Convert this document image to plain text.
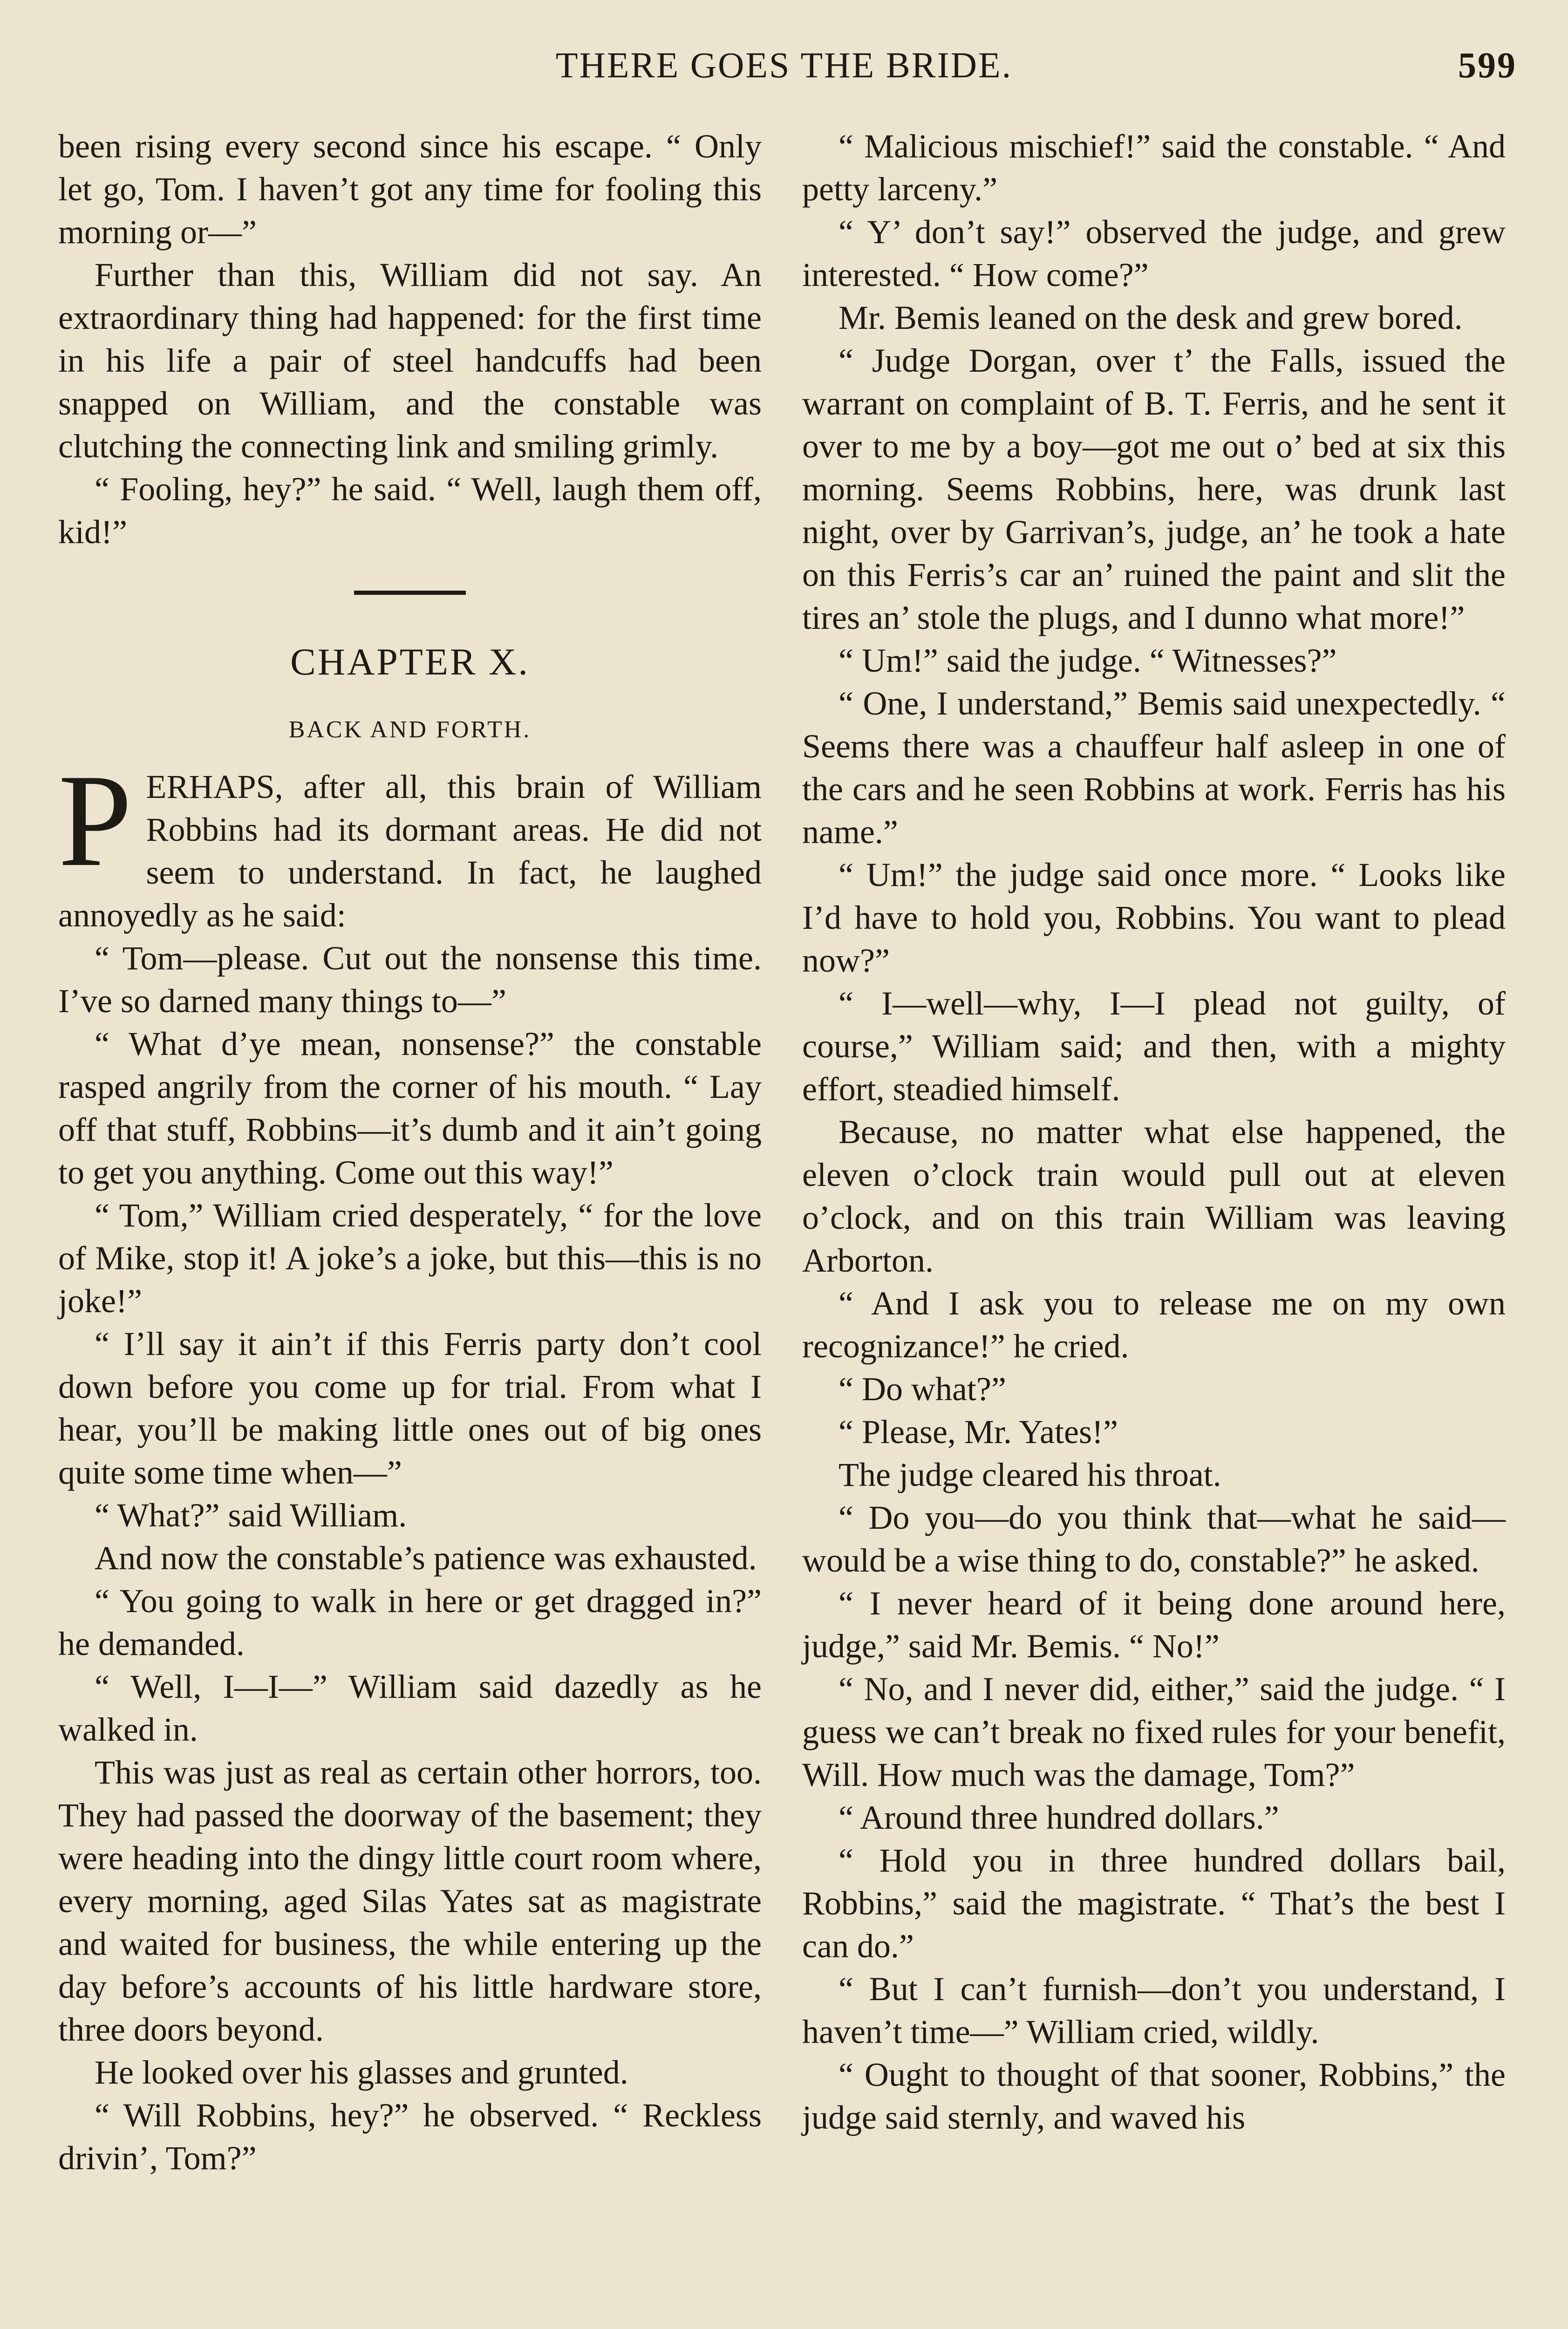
THERE GOES THE BRIDE.	599

been rising every second since his escape. “ Only let go, Tom. I haven’t got any time for fooling this morning or—”

Further than this, William did not say. An extraordinary thing had happened: for the first time in his life a pair of steel handcuffs had been snapped on William, and the constable was clutching the connecting link and smiling grimly.

“ Fooling, hey?” he said. “ Well, laugh them off, kid!”

CHAPTER X.
BACK AND FORTH.

PERHAPS, after all, this brain of William Robbins had its dormant areas. He did not seem to understand. In fact, he laughed annoyedly as he said:

“ Tom—please. Cut out the nonsense this time. I’ve so darned many things to—”

“ What d’ye mean, nonsense?” the constable rasped angrily from the corner of his mouth. “ Lay off that stuff, Robbins—it’s dumb and it ain’t going to get you anything. Come out this way!”

“ Tom,” William cried desperately, “ for the love of Mike, stop it! A joke’s a joke, but this—this is no joke!”

“ I’ll say it ain’t if this Ferris party don’t cool down before you come up for trial. From what I hear, you’ll be making little ones out of big ones quite some time when—”

“ What?” said William.

And now the constable’s patience was exhausted.

“ You going to walk in here or get dragged in?” he demanded.

“ Well, I—I—” William said dazedly as he walked in.

This was just as real as certain other horrors, too. They had passed the doorway of the basement; they were heading into the dingy little court room where, every morning, aged Silas Yates sat as magistrate and waited for business, the while entering up the day before’s accounts of his little hardware store, three doors beyond.

He looked over his glasses and grunted.

“ Will Robbins, hey?” he observed. “ Reckless drivin’, Tom?”

“ Malicious mischief!” said the constable. “ And petty larceny.”

“ Y’ don’t say!” observed the judge, and grew interested. “ How come?”

Mr. Bemis leaned on the desk and grew bored.

“ Judge Dorgan, over t’ the Falls, issued the warrant on complaint of B. T. Ferris, and he sent it over to me by a boy—got me out o’ bed at six this morning. Seems Robbins, here, was drunk last night, over by Garrivan’s, judge, an’ he took a hate on this Ferris’s car an’ ruined the paint and slit the tires an’ stole the plugs, and I dunno what more!”

“ Um!” said the judge. “ Witnesses?”

“ One, I understand,” Bemis said unexpectedly. “ Seems there was a chauffeur half asleep in one of the cars and he seen Robbins at work. Ferris has his name.”

“ Um!” the judge said once more. “ Looks like I’d have to hold you, Robbins. You want to plead now?”

“ I—well—why, I—I plead not guilty, of course,” William said; and then, with a mighty effort, steadied himself.

Because, no matter what else happened, the eleven o’clock train would pull out at eleven o’clock, and on this train William was leaving Arborton.

“ And I ask you to release me on my own recognizance!” he cried.

“ Do what?”

“ Please, Mr. Yates!”

The judge cleared his throat.

“ Do you—do you think that—what he said—would be a wise thing to do, constable?” he asked.

“ I never heard of it being done around here, judge,” said Mr. Bemis. “ No!”

“ No, and I never did, either,” said the judge. “ I guess we can’t break no fixed rules for your benefit, Will. How much was the damage, Tom?”

“ Around three hundred dollars.”

“ Hold you in three hundred dollars bail, Robbins,” said the magistrate. “ That’s the best I can do.”

“ But I can’t furnish—don’t you understand, I haven’t time—” William cried, wildly.

“ Ought to thought of that sooner, Robbins,” the judge said sternly, and waved his
